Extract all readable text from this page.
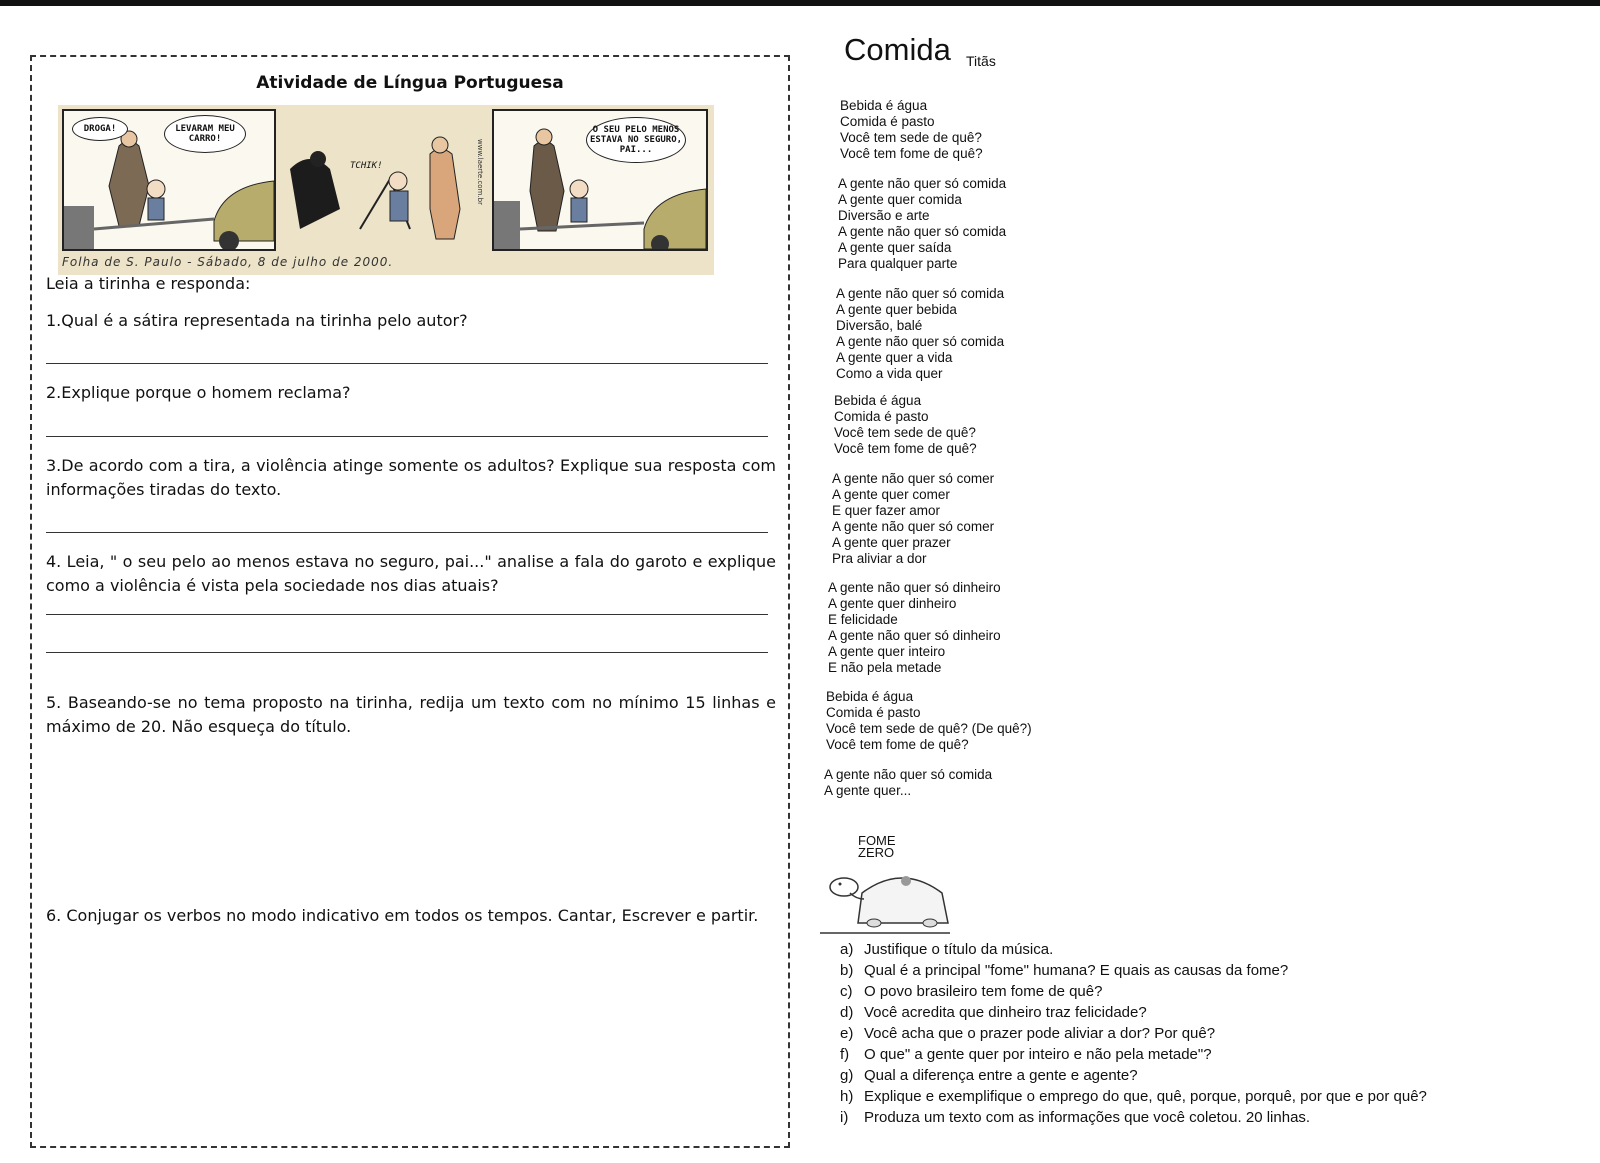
Atividade de Língua Portuguesa
DROGA!	LEVARAM MEU CARRO!
TCHIK!	www.laerte.com.br
O SEU PELO MENOS ESTAVA NO SEGURO, PAI...
Folha de S. Paulo - Sábado, 8 de julho de 2000.
Leia a tirinha e responda:
1.Qual é a sátira representada na tirinha pelo autor?
2.Explique porque o homem reclama?
3.De acordo com a tira, a violência atinge somente os adultos? Explique sua resposta com informações tiradas do texto.
4. Leia, " o seu pelo ao menos estava no seguro, pai..." analise a fala do garoto e explique como a violência é vista pela sociedade nos dias atuais?
5. Baseando-se no tema proposto na tirinha, redija um texto com no mínimo 15 linhas e máximo de 20. Não esqueça do título.
6. Conjugar os verbos no modo indicativo em todos os tempos. Cantar, Escrever e partir.
Comida Titãs
Bebida é água
Comida é pasto
Você tem sede de quê?
Você tem fome de quê?
A gente não quer só comida
A gente quer comida
Diversão e arte
A gente não quer só comida
A gente quer saída
Para qualquer parte
A gente não quer só comida
A gente quer bebida
Diversão, balé
A gente não quer só comida
A gente quer a vida
Como a vida quer
Bebida é água
Comida é pasto
Você tem sede de quê?
Você tem fome de quê?
A gente não quer só comer
A gente quer comer
E quer fazer amor
A gente não quer só comer
A gente quer prazer
Pra aliviar a dor
A gente não quer só dinheiro
A gente quer dinheiro
E felicidade
A gente não quer só dinheiro
A gente quer inteiro
E não pela metade
Bebida é água
Comida é pasto
Você tem sede de quê? (De quê?)
Você tem fome de quê?
A gente não quer só comida
A gente quer...
FOME
ZERO
a) Justifique o título da música.
b) Qual é a principal "fome" humana? E quais as causas da fome?
c) O povo brasileiro tem fome de quê?
d) Você acredita que dinheiro traz felicidade?
e) Você acha que o prazer pode aliviar a dor? Por quê?
f) O que" a gente quer por inteiro e não pela metade"?
g) Qual a diferença entre a gente e agente?
h) Explique e exemplifique o emprego do que, quê, porque, porquê, por que e por quê?
i) Produza um texto com as informações que você coletou. 20 linhas.
